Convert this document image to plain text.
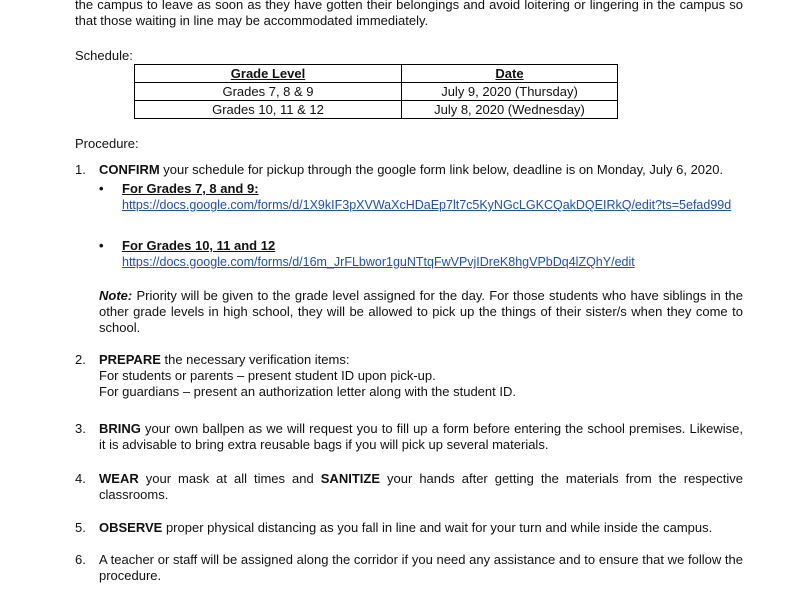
the campus to leave as soon as they have gotten their belongings and avoid loitering or lingering in the campus so that those waiting in line may be accommodated immediately.
Schedule:
Grade Level	Date
Grades 7, 8 & 9	July 9, 2020 (Thursday)
Grades 10, 11 & 12	July 8, 2020 (Wednesday)
Procedure:
1.	CONFIRM your schedule for pickup through the google form link below, deadline is on Monday, July 6, 2020.
• For Grades 7, 8 and 9:
https://docs.google.com/forms/d/1X9kIF3pXVWaXcHDaEp7lt7c5KyNGcLGKCQakDQEIRkQ/edit?ts=5efad99d
• For Grades 10, 11 and 12
https://docs.google.com/forms/d/16m_JrFLbwor1guNTtqFwVPvjIDreK8hgVPbDq4lZQhY/edit
Note: Priority will be given to the grade level assigned for the day. For those students who have siblings in the other grade levels in high school, they will be allowed to pick up the things of their sister/s when they come to school.
2.	PREPARE the necessary verification items:
For students or parents – present student ID upon pick-up.
For guardians – present an authorization letter along with the student ID.
3.	BRING your own ballpen as we will request you to fill up a form before entering the school premises. Likewise, it is advisable to bring extra reusable bags if you will pick up several materials.
4.	WEAR your mask at all times and SANITIZE your hands after getting the materials from the respective classrooms.
5.	OBSERVE proper physical distancing as you fall in line and wait for your turn and while inside the campus.
6.	A teacher or staff will be assigned along the corridor if you need any assistance and to ensure that we follow the procedure.
